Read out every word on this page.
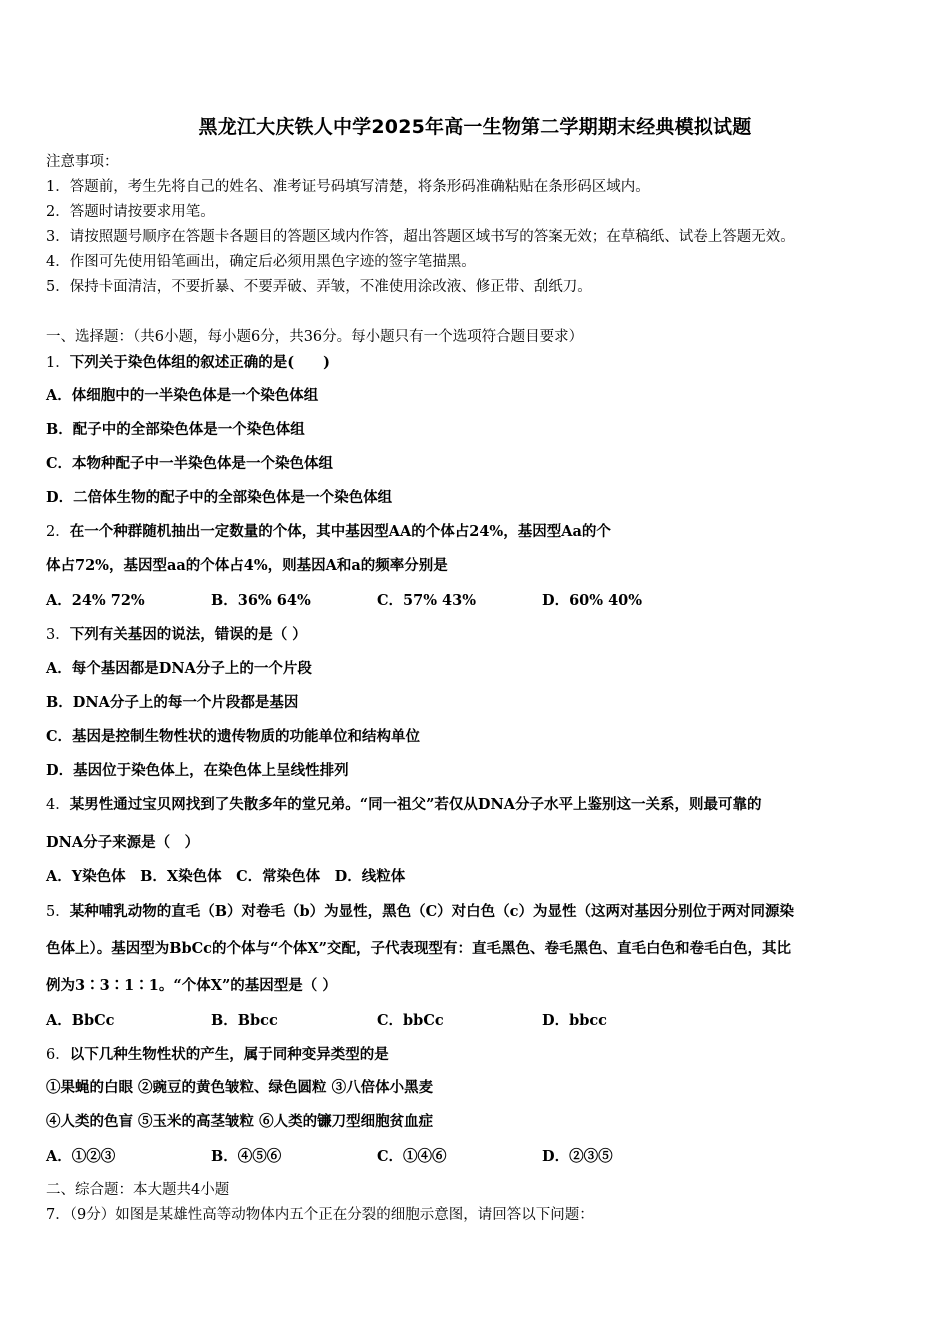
黑龙江大庆铁人中学2025年高一生物第二学期期末经典模拟试题
注意事项：
1．答题前，考生先将自己的姓名、准考证号码填写清楚，将条形码准确粘贴在条形码区域内。
2．答题时请按要求用笔。
3．请按照题号顺序在答题卡各题目的答题区域内作答，超出答题区域书写的答案无效；在草稿纸、试卷上答题无效。
4．作图可先使用铅笔画出，确定后必须用黑色字迹的签字笔描黑。
5．保持卡面清洁，不要折暴、不要弄破、弄皱，不准使用涂改液、修正带、刮纸刀。
一、选择题：（共6小题，每小题6分，共36分。每小题只有一个选项符合题目要求）
1．下列关于染色体组的叙述正确的是(　　)
A．体细胞中的一半染色体是一个染色体组
B．配子中的全部染色体是一个染色体组
C．本物种配子中一半染色体是一个染色体组
D．二倍体生物的配子中的全部染色体是一个染色体组
2．在一个种群随机抽出一定数量的个体，其中基因型AA的个体占24%，基因型Aa的个
体占72%，基因型aa的个体占4%，则基因A和a的频率分别是
A．24% 72%	B．36% 64%	C．57% 43%	D．60% 40%
3．下列有关基因的说法，错误的是（ ）
A．每个基因都是DNA分子上的一个片段
B．DNA分子上的每一个片段都是基因
C．基因是控制生物性状的遗传物质的功能单位和结构单位
D．基因位于染色体上，在染色体上呈线性排列
4．某男性通过宝贝网找到了失散多年的堂兄弟。“同一祖父”若仅从DNA分子水平上鉴别这一关系，则最可靠的
DNA分子来源是（　）
A．Y染色体　B．X染色体　C．常染色体　D．线粒体
5．某种哺乳动物的直毛（B）对卷毛（b）为显性，黑色（C）对白色（c）为显性（这两对基因分别位于两对同源染
色体上）。基因型为BbCc的个体与“个体X”交配，子代表现型有：直毛黑色、卷毛黑色、直毛白色和卷毛白色，其比
例为3∶3∶1∶1。“个体X”的基因型是（ ）
A．BbCc	B．Bbcc	C．bbCc	D．bbcc
6．以下几种生物性状的产生，属于同种变异类型的是
①果蝇的白眼 ②豌豆的黄色皱粒、绿色圆粒 ③八倍体小黑麦
④人类的色盲 ⑤玉米的高茎皱粒 ⑥人类的镰刀型细胞贫血症
A．①②③	B．④⑤⑥	C．①④⑥	D．②③⑤
二、综合题：本大题共4小题
7．（9分）如图是某雄性高等动物体内五个正在分裂的细胞示意图，请回答以下问题：
